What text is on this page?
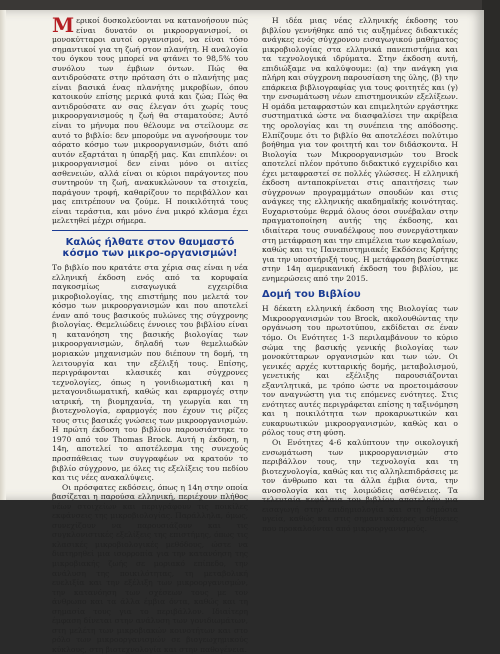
Μερικοί δυσκολεύονται να κατανοήσουν πώς είναι δυνατόν οι μικροοργανισμοί, οι μονοκύτταροι αυτοί οργανισμοί, να είναι τόσο σημαντικοί για τη ζωή στον πλανήτη. Η αναλογία του όγκου τους μπορεί να φτάνει το 98,5% του συνόλου των έμβιων όντων. Πώς θα αντιδρούσατε στην πρόταση ότι ο πλανήτης μας είναι βασικά ένας πλανήτης μικροβίων, όπου κατοικούν επίσης μερικά φυτά και ζώα; Πώς θα αντιδρούσατε αν σας έλεγαν ότι χωρίς τους μικροοργανισμούς η ζωή θα σταματούσε; Αυτό είναι το μήνυμα που θέλουμε να στείλουμε σε αυτό το βιβλίο: δεν μπορούμε να αγνοήσουμε τον αόρατο κόσμο των μικροοργανισμών, διότι από αυτόν εξαρτάται η ύπαρξή μας. Και επιπλέον: οι μικροοργανισμοί δεν είναι μόνο οι αιτίες ασθενειών, αλλά είναι οι κύριοι παράγοντες που συντηρούν τη ζωή, ανακυκλώνουν τα στοιχεία, παράγουν τροφή, καθαρίζουν το περιβάλλον και μας επιτρέπουν να ζούμε. Η ποικιλότητά τους είναι τεράστια, και μόνο ένα μικρό κλάσμα έχει μελετηθεί μέχρι σήμερα.

Καλώς ήλθατε στον θαυμαστό κόσμο των μικρο-οργανισμών!

Το βιβλίο που κρατάτε στα χέρια σας είναι η νέα ελληνική έκδοση ενός από τα κορυφαία παγκοσμίως εισαγωγικά εγχειρίδια μικροβιολογίας, της επιστήμης που μελετά τον κόσμο των μικροοργανισμών και που αποτελεί έναν από τους βασικούς πυλώνες της σύγχρονης βιολογίας. Θεμελιώδεις έννοιες του βιβλίου είναι η κατανόηση της βασικής βιολογίας των μικροοργανισμών, δηλαδή των θεμελιωδών μοριακών μηχανισμών που διέπουν τη δομή, τη λειτουργία και την εξέλιξή τους. Επίσης, περιγράφονται κλασικές και σύγχρονες τεχνολογίες, όπως η γονιδιωματική και η μεταγονιδιωματική, καθώς και εφαρμογές στην ιατρική, τη βιομηχανία, τη γεωργία και τη βιοτεχνολογία, εφαρμογές που έχουν τις ρίζες τους στις βασικές γνώσεις των μικροοργανισμών. Η πρώτη έκδοση του βιβλίου παρουσιάστηκε το 1970 από τον Thomas Brock. Αυτή η έκδοση, η 14η, αποτελεί το αποτέλεσμα της συνεχούς προσπάθειας των συγγραφέων να κρατούν το βιβλίο σύγχρονο, με όλες τις εξελίξεις του πεδίου και τις νέες ανακαλύψεις.

Οι πρόσφατες εκδόσεις, όπως η 14η στην οποία βασίζεται η παρούσα ελληνική, περιέχουν πλήθος νέων στοιχείων και περιγράφουν τις ποικίλες εκφάνσεις της μικροβιολογίας. Παράλληλα, όμως, συνεχίζουν να παρουσιάζουν και τις συγκλονιστικές εξελίξεις της επιστήμης, όπως τις κλασικές μικροβιολογικές μεθόδους, ώστε να διατηρηθεί μια ισορροπία για την κατανόηση της μικροβιακής ζωής σε μοριακό επίπεδο, την ανάλυση της ποικιλότητας, τη μεταβολική ευελιξία και την εξέλιξη των μικροοργανισμών, την κατανόηση των σχέσεων τους με τον άνθρωπο και τα άλλα έμβια όντα, καθώς και τη σημασία τους για το περιβάλλον. Ιδιαίτερη έμφαση δίνεται στην ανάλυση των γονιδιωμάτων, στη μελέτη των μικροβιακών κοινοτήτων και στο ρόλο των μικροοργανισμών σε βιογεωχημικούς κύκλους, στη βιοτεχνολογία και στην παθογένεια.

Η ιδέα μιας νέας ελληνικής έκδοσης του βιβλίου γεννήθηκε από τις αυξημένες διδακτικές ανάγκες ενός σύγχρονου εισαγωγικού μαθήματος μικροβιολογίας στα ελληνικά πανεπιστήμια και τα τεχνολογικά ιδρύματα. Στην έκδοση αυτή, επιδιώξαμε να καλύψουμε: (α) την ανάγκη για πλήρη και σύγχρονη παρουσίαση της ύλης, (β) την επάρκεια βιβλιογραφίας για τους φοιτητές και (γ) την ενσωμάτωση νέων επιστημονικών εξελίξεων. Η ομάδα μεταφραστών και επιμελητών εργάστηκε συστηματικά ώστε να διασφαλίσει την ακρίβεια της ορολογίας και τη συνέπεια της απόδοσης. Ελπίζουμε ότι το βιβλίο θα αποτελέσει πολύτιμο βοήθημα για τον φοιτητή και τον διδάσκοντα. Η Βιολογία των Μικροοργανισμών του Brock αποτελεί πλέον πρότυπο διδακτικό εγχειρίδιο και έχει μεταφραστεί σε πολλές γλώσσες. Η ελληνική έκδοση ανταποκρίνεται στις απαιτήσεις των σύγχρονων προγραμμάτων σπουδών και στις ανάγκες της ελληνικής ακαδημαϊκής κοινότητας. Ευχαριστούμε θερμά όλους όσοι συνέβαλαν στην πραγματοποίηση αυτής της έκδοσης, και ιδιαίτερα τους συναδέλφους που συνεργάστηκαν στη μετάφραση και την επιμέλεια των κεφαλαίων, καθώς και τις Πανεπιστημιακές Εκδόσεις Κρήτης για την υποστήριξή τους. Η μετάφραση βασίστηκε στην 14η αμερικανική έκδοση του βιβλίου, με ενημερώσεις από την 2015.

Δομή του Βιβλίου

Η δέκατη ελληνική έκδοση της Βιολογίας των Μικροοργανισμών του Brock, ακολουθώντας την οργάνωση του πρωτοτύπου, εκδίδεται σε έναν τόμο. Οι Ενότητες 1-3 περιλαμβάνουν το κύριο σώμα της βασικής γενικής βιολογίας των μονοκύτταρων οργανισμών και των ιών. Οι γενικές αρχές κυτταρικής δομής, μεταβολισμού, γενετικής και εξέλιξης παρουσιάζονται εξαντλητικά, με τρόπο ώστε να προετοιμάσουν τον αναγνώστη για τις επόμενες ενότητες. Στις ενότητες αυτές περιγράφεται επίσης η ταξινόμηση και η ποικιλότητα των προκαρυωτικών και ευκαρυωτικών μικροοργανισμών, καθώς και ο ρόλος τους στη φύση.

Οι Ενότητες 4-6 καλύπτουν την οικολογική ενσωμάτωση των μικροοργανισμών στο περιβάλλον τους, την τεχνολογία και τη βιοτεχνολογία, καθώς και τις αλληλεπιδράσεις με τον άνθρωπο και τα άλλα έμβια όντα, την ανοσολογία και τις λοιμώδεις ασθένειες. Τα τελευταία κεφάλαια του βιβλίου αποτελούν μια εισαγωγή στην επιδημιολογία και στη δημόσια υγεία, καθώς και στις σημαντικότερες ασθένειες που προκαλούνται από μικροοργανισμούς.
